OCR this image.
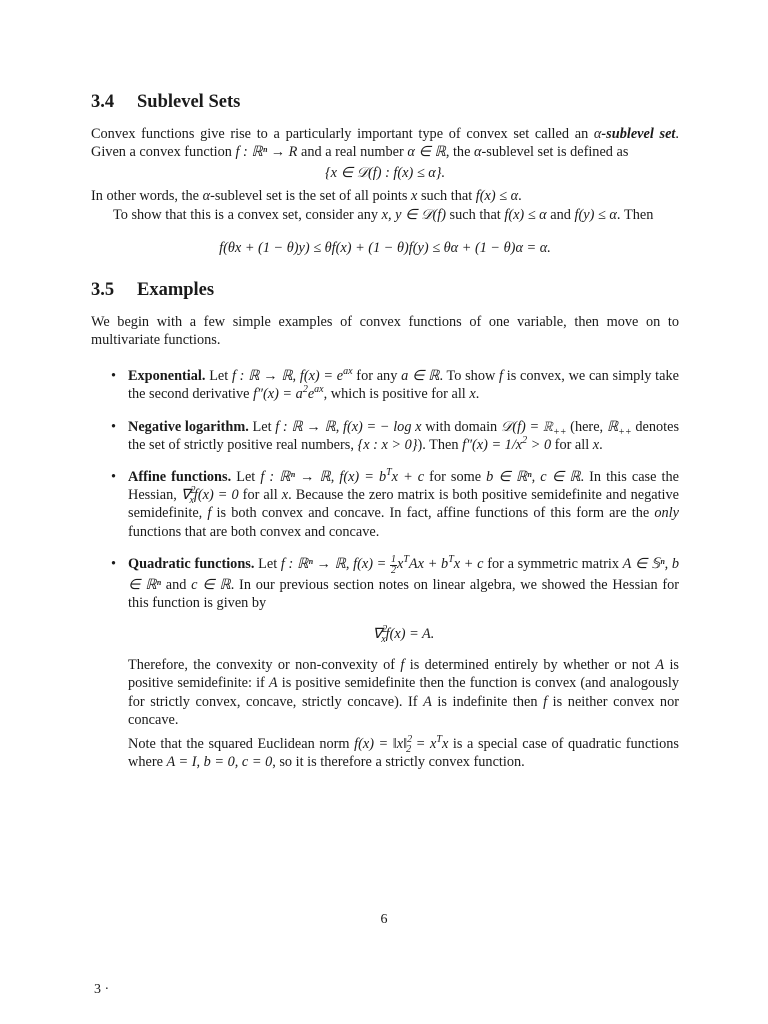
3.4 Sublevel Sets

Convex functions give rise to a particularly important type of convex set called an α-sublevel set. Given a convex function f : ℝⁿ → R and a real number α ∈ ℝ, the α-sublevel set is defined as

{x ∈ 𝒟(f) : f(x) ≤ α}.

In other words, the α-sublevel set is the set of all points x such that f(x) ≤ α.

To show that this is a convex set, consider any x, y ∈ 𝒟(f) such that f(x) ≤ α and f(y) ≤ α. Then

f(θx + (1 − θ)y) ≤ θf(x) + (1 − θ)f(y) ≤ θα + (1 − θ)α = α.

3.5 Examples

We begin with a few simple examples of convex functions of one variable, then move on to multivariate functions.

• Exponential. Let f : ℝ → ℝ, $f(x) = e^{ax}$ for any a ∈ ℝ. To show f is convex, we can simply take the second derivative $f''(x) = a^2e^{ax}$, which is positive for all x.
• Negative logarithm. Let f : ℝ → ℝ, f(x) = − log x with domain 𝒟(f) = ℝ$_{++}$ (here, ℝ$_{++}$ denotes the set of strictly positive real numbers, {x : x > 0}). Then $f''(x) = 1/x^2 > 0$ for all x.
• Affine functions. Let f : ℝⁿ → ℝ, $f(x) = b^Tx + c$ for some b ∈ ℝⁿ, c ∈ ℝ. In this case the Hessian, ∇$^2_x$f(x) = 0 for all x. Because the zero matrix is both positive semidefinite and negative semidefinite, f is both convex and concave. In fact, affine functions of this form are the only functions that are both convex and concave.
• Quadratic functions. Let f : ℝⁿ → ℝ, $f(x) = \frac{1}{2} x^TAx + b^Tx + c$ for a symmetric matrix A ∈ 𝕊ⁿ, b ∈ ℝⁿ and c ∈ ℝ. In our previous section notes on linear algebra, we showed the Hessian for this function is given by

∇$^2_x$f(x) = A.

Therefore, the convexity or non-convexity of f is determined entirely by whether or not A is positive semidefinite: if A is positive semidefinite then the function is convex (and analogously for strictly convex, concave, strictly concave). If A is indefinite then f is neither convex nor concave.

Note that the squared Euclidean norm f(x) = ‖x‖$^2_2$ = $x^Tx$ is a special case of quadratic functions where A = I, b = 0, c = 0, so it is therefore a strictly convex function.

6
3 ·
